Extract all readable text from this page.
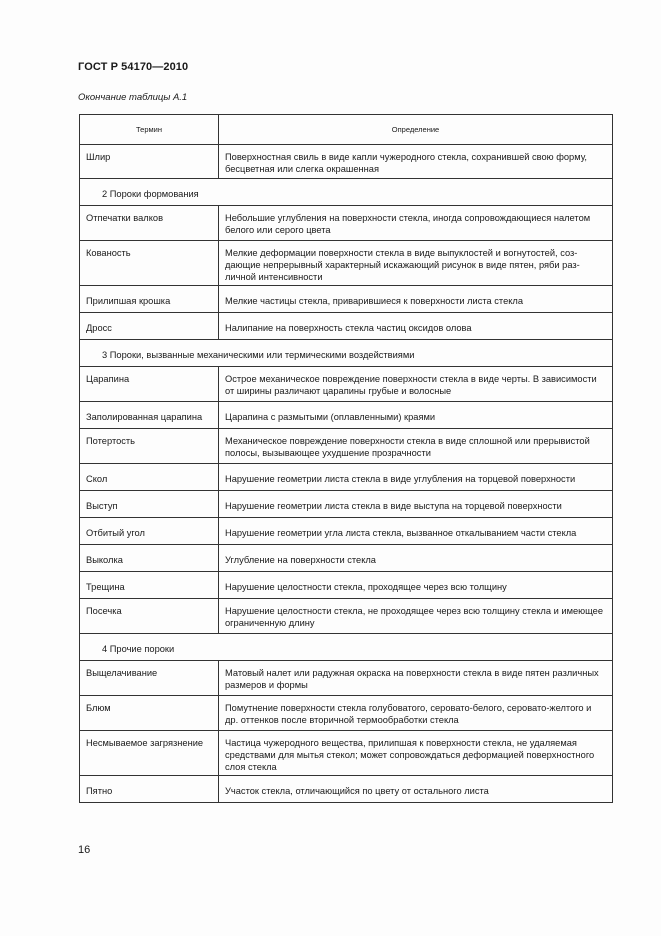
ГОСТ Р 54170—2010
Окончание таблицы А.1
Термин	Определение
Шлир	Поверхностная свиль в виде капли чужеродного стекла, сохранившей свою форму, бесцветная или слегка окрашенная
2 Пороки формования	
Отпечатки валков	Небольшие углубления на поверхности стекла, иногда сопровождающиеся налетом белого или серого цвета
Кованость	Мелкие деформации поверхности стекла в виде выпуклостей и вогнутостей, создающие непрерывный характерный искажающий рисунок в виде пятен, ряби различной интенсивности
Прилипшая крошка	Мелкие частицы стекла, приварившиеся к поверхности листа стекла
Дросс	Налипание на поверхность стекла частиц оксидов олова
3 Пороки, вызванные механическими или термическими воздействиями	
Царапина	Острое механическое повреждение поверхности стекла в виде черты. В зависимости от ширины различают царапины грубые и волосные
Заполированная царапина	Царапина с размытыми (оплавленными) краями
Потертость	Механическое повреждение поверхности стекла в виде сплошной или прерывистой полосы, вызывающее ухудшение прозрачности
Скол	Нарушение геометрии листа стекла в виде углубления на торцевой поверхности
Выступ	Нарушение геометрии листа стекла в виде выступа на торцевой поверхности
Отбитый угол	Нарушение геометрии угла листа стекла, вызванное откалыванием части стекла
Выколка	Углубление на поверхности стекла
Трещина	Нарушение целостности стекла, проходящее через всю толщину
Посечка	Нарушение целостности стекла, не проходящее через всю толщину стекла и имеющее ограниченную длину
4 Прочие пороки	
Выщелачивание	Матовый налет или радужная окраска на поверхности стекла в виде пятен различных размеров и формы
Блюм	Помутнение поверхности стекла голубоватого, серовато-белого, серовато-желтого и др. оттенков после вторичной термообработки стекла
Несмываемое загрязнение	Частица чужеродного вещества, прилипшая к поверхности стекла, не удаляемая средствами для мытья стекол; может сопровождаться деформацией поверхностного слоя стекла
Пятно	Участок стекла, отличающийся по цвету от остального листа
16
